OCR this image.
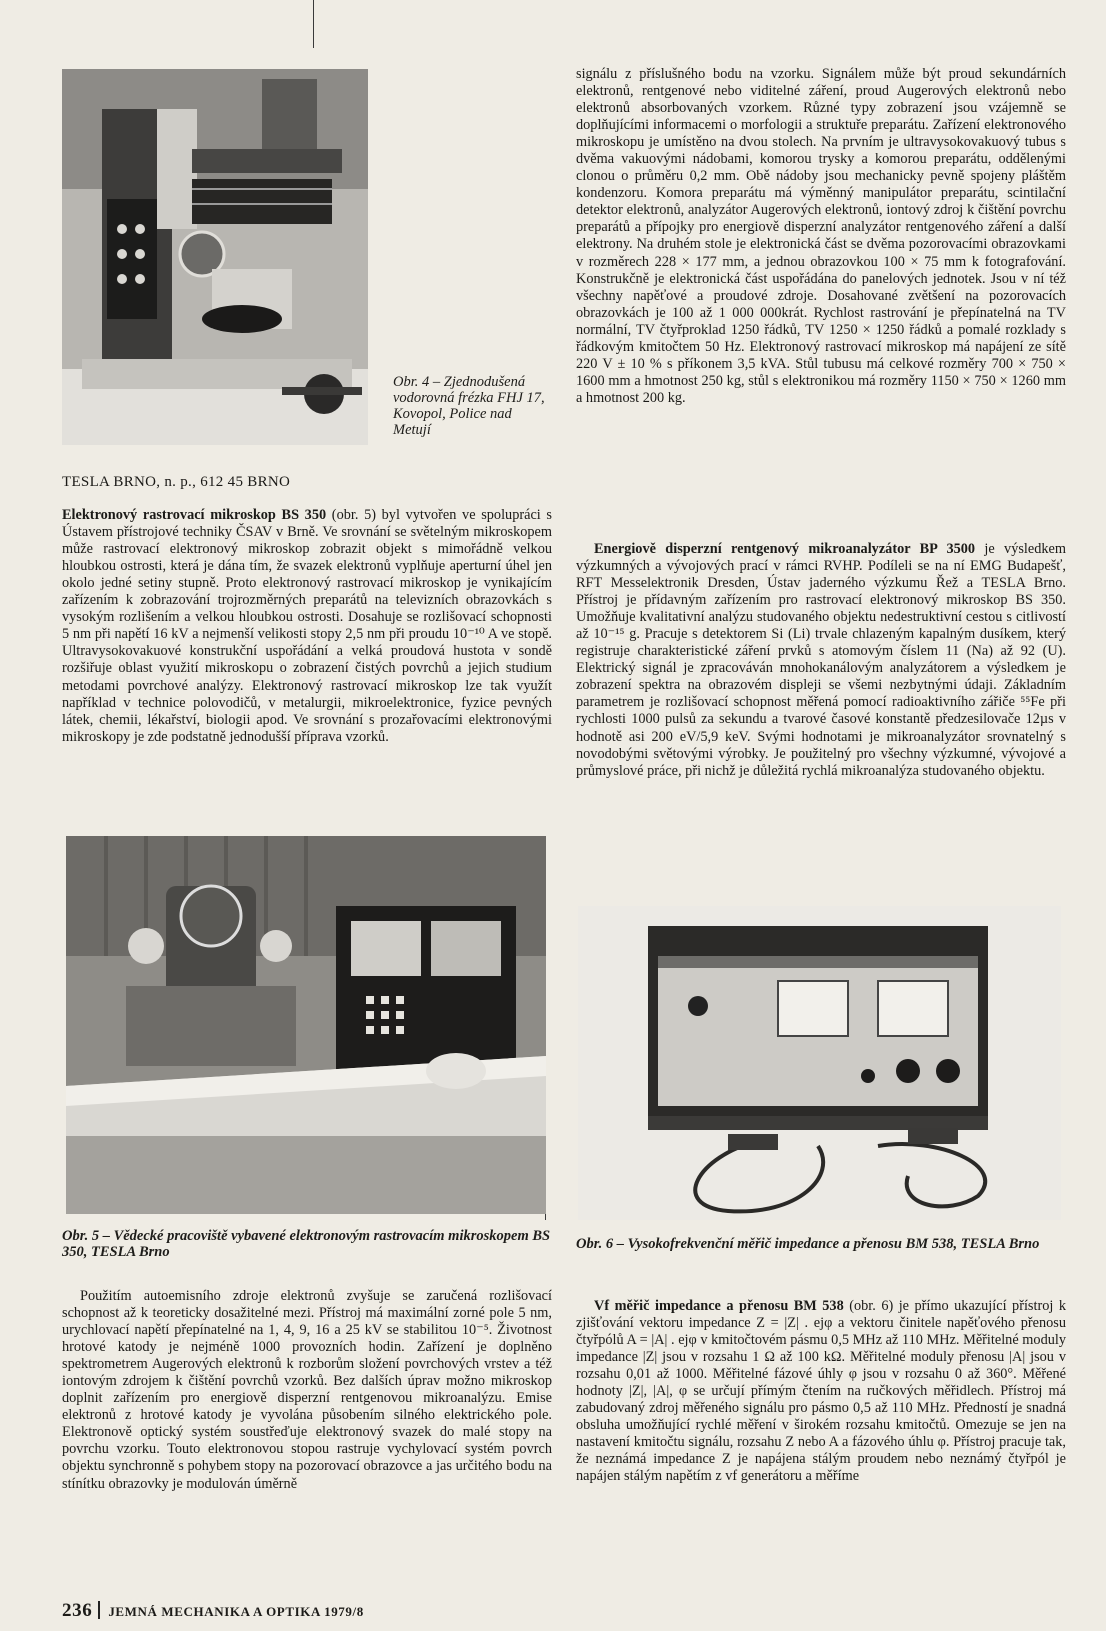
Obr. 4 – Zjednodušená vodorovná frézka FHJ 17, Kovopol, Police nad Metují
TESLA BRNO, n. p., 612 45 BRNO

Elektronový rastrovací mikroskop BS 350 (obr. 5) byl vytvořen ve spolupráci s Ústavem přístrojové techniky ČSAV v Brně. Ve srovnání se světelným mikroskopem může rastrovací elektronový mikroskop zobrazit objekt s mimořádně velkou hloubkou ostrosti, která je dána tím, že svazek elektronů vyplňuje aperturní úhel jen okolo jedné setiny stupně. Proto elektronový rastrovací mikroskop je vynikajícím zařízením k zobrazování trojrozměrných preparátů na televizních obrazovkách s vysokým rozlišením a velkou hloubkou ostrosti. Dosahuje se rozlišovací schopnosti 5 nm při napětí 16 kV a nejmenší velikosti stopy 2,5 nm při proudu 10⁻¹⁰ A ve stopě. Ultravysokovakuové konstrukční uspořádání a velká proudová hustota v sondě rozšiřuje oblast využití mikroskopu o zobrazení čistých povrchů a jejich studium metodami povrchové analýzy. Elektronový rastrovací mikroskop lze tak využít například v technice polovodičů, v metalurgii, mikroelektronice, fyzice pevných látek, chemii, lékařství, biologii apod. Ve srovnání s prozařovacími elektronovými mikroskopy je zde podstatně jednodušší příprava vzorků.

Obr. 5 – Vědecké pracoviště vybavené elektronovým rastrovacím mikroskopem BS 350, TESLA Brno

Použitím autoemisního zdroje elektronů zvyšuje se zaručená rozlišovací schopnost až k teoreticky dosažitelné mezi. Přístroj má maximální zorné pole 5 nm, urychlovací napětí přepínatelné na 1, 4, 9, 16 a 25 kV se stabilitou 10⁻⁵. Životnost hrotové katody je nejméně 1000 provozních hodin. Zařízení je doplněno spektrometrem Augerových elektronů k rozborům složení povrchových vrstev a též iontovým zdrojem k čištění povrchů vzorků. Bez dalších úprav možno mikroskop doplnit zařízením pro energiově disperzní rentgenovou mikroanalýzu. Emise elektronů z hrotové katody je vyvolána působením silného elektrického pole. Elektronově optický systém soustřeďuje elektronový svazek do malé stopy na povrchu vzorku. Touto elektronovou stopou rastruje vychylovací systém povrch objektu synchronně s pohybem stopy na pozorovací obrazovce a jas určitého bodu na stínítku obrazovky je modulován úměrně

signálu z příslušného bodu na vzorku. Signálem může být proud sekundárních elektronů, rentgenové nebo viditelné záření, proud Augerových elektronů nebo elektronů absorbovaných vzorkem. Různé typy zobrazení jsou vzájemně se doplňujícími informacemi o morfologii a struktuře preparátu. Zařízení elektronového mikroskopu je umístěno na dvou stolech. Na prvním je ultravysokovakuový tubus s dvěma vakuovými nádobami, komorou trysky a komorou preparátu, oddělenými clonou o průměru 0,2 mm. Obě nádoby jsou mechanicky pevně spojeny pláštěm kondenzoru. Komora preparátu má výměnný manipulátor preparátu, scintilační detektor elektronů, analyzátor Augerových elektronů, iontový zdroj k čištění povrchu preparátů a přípojky pro energiově disperzní analyzátor rentgenového záření a další elektrony. Na druhém stole je elektronická část se dvěma pozorovacími obrazovkami v rozměrech 228 × 177 mm, a jednou obrazovkou 100 × 75 mm k fotografování. Konstrukčně je elektronická část uspořádána do panelových jednotek. Jsou v ní též všechny napěťové a proudové zdroje. Dosahované zvětšení na pozorovacích obrazovkách je 100 až 1 000 000krát. Rychlost rastrování je přepínatelná na TV normální, TV čtyřproklad 1250 řádků, TV 1250 × 1250 řádků a pomalé rozklady s řádkovým kmitočtem 50 Hz. Elektronový rastrovací mikroskop má napájení ze sítě 220 V ± 10 % s příkonem 3,5 kVA. Stůl tubusu má celkové rozměry 700 × 750 × 1600 mm a hmotnost 250 kg, stůl s elektronikou má rozměry 1150 × 750 × 1260 mm a hmotnost 200 kg.

Energiově disperzní rentgenový mikroanalyzátor BP 3500 je výsledkem výzkumných a vývojových prací v rámci RVHP. Podíleli se na ní EMG Budapešť, RFT Messelektronik Dresden, Ústav jaderného výzkumu Řež a TESLA Brno. Přístroj je přídavným zařízením pro rastrovací elektronový mikroskop BS 350. Umožňuje kvalitativní analýzu studovaného objektu nedestruktivní cestou s citlivostí až 10⁻¹⁵ g. Pracuje s detektorem Si (Li) trvale chlazeným kapalným dusíkem, který registruje charakteristické záření prvků s atomovým číslem 11 (Na) až 92 (U). Elektrický signál je zpracováván mnohokanálovým analyzátorem a výsledkem je zobrazení spektra na obrazovém displeji se všemi nezbytnými údaji. Základním parametrem je rozlišovací schopnost měřená pomocí radioaktivního zářiče ⁵⁵Fe při rychlosti 1000 pulsů za sekundu a tvarové časové konstantě předzesilovače 12µs v hodnotě asi 200 eV/5,9 keV. Svými hodnotami je mikroanalyzátor srovnatelný s novodobými světovými výrobky. Je použitelný pro všechny výzkumné, vývojové a průmyslové práce, při nichž je důležitá rychlá mikroanalýza studovaného objektu.

Obr. 6 – Vysokofrekvenční měřič impedance a přenosu BM 538, TESLA Brno

Vf měřič impedance a přenosu BM 538 (obr. 6) je přímo ukazující přístroj k zjišťování vektoru impedance Z = |Z| . ejφ a vektoru činitele napěťového přenosu čtyřpólů A = |A| . ejφ v kmitočtovém pásmu 0,5 MHz až 110 MHz. Měřitelné moduly impedance |Z| jsou v rozsahu 1 Ω až 100 kΩ. Měřitelné moduly přenosu |A| jsou v rozsahu 0,01 až 1000. Měřitelné fázové úhly φ jsou v rozsahu 0 až 360°. Měřené hodnoty |Z|, |A|, φ se určují přímým čtením na ručkových měřidlech. Přístroj má zabudovaný zdroj měřeného signálu pro pásmo 0,5 až 110 MHz. Předností je snadná obsluha umožňující rychlé měření v širokém rozsahu kmitočtů. Omezuje se jen na nastavení kmitočtu signálu, rozsahu Z nebo A a fázového úhlu φ. Přístroj pracuje tak, že neznámá impedance Z je napájena stálým proudem nebo neznámý čtyřpól je napájen stálým napětím z vf generátoru a měříme

236 JEMNÁ MECHANIKA A OPTIKA 1979/8
